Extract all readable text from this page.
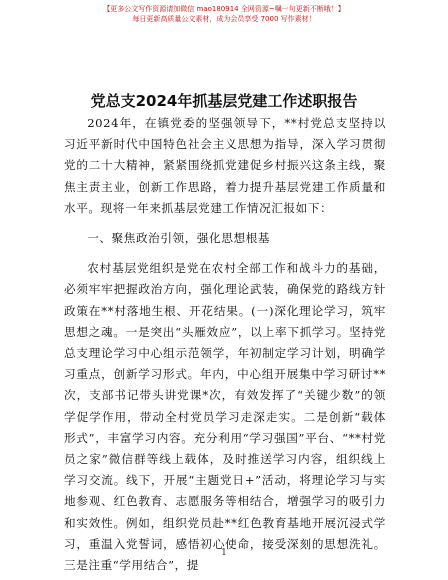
【更多公文写作资源请加微信 mao180914 全网资源~嘱一句更新不断哦！】
每日更新高质量公文素材，成为会员享受 7000 写作素材！
党总支2024年抓基层党建工作述职报告

2024年，在镇党委的坚强领导下，**村党总支坚持以习近平新时代中国特色社会主义思想为指导，深入学习贯彻党的二十大精神，紧紧围绕抓党建促乡村振兴这条主线，聚焦主责主业，创新工作思路，着力提升基层党建工作质量和水平。现将一年来抓基层党建工作情况汇报如下：

一、聚焦政治引领，强化思想根基

农村基层党组织是党在农村全部工作和战斗力的基础，必须牢牢把握政治方向，强化理论武装，确保党的路线方针政策在**村落地生根、开花结果。(一)深化理论学习，筑牢思想之魂。一是突出“头雁效应”，以上率下抓学习。坚持党总支理论学习中心组示范领学，年初制定学习计划，明确学习重点，创新学习形式。年内，中心组开展集中学习研讨**次，支部书记带头讲党课*次，有效发挥了“关键少数”的领学促学作用，带动全村党员学习走深走实。二是创新“载体形式”，丰富学习内容。充分利用“学习强国”平台、“**村党员之家”微信群等线上载体，及时推送学习内容，组织线上学习交流。线下，开展“主题党日+”活动，将理论学习与实地参观、红色教育、志愿服务等相结合，增强学习的吸引力和实效性。例如，组织党员赴**红色教育基地开展沉浸式学习，重温入党誓词，感悟初心使命，接受深刻的思想洗礼。三是注重“学用结合”，提

1
